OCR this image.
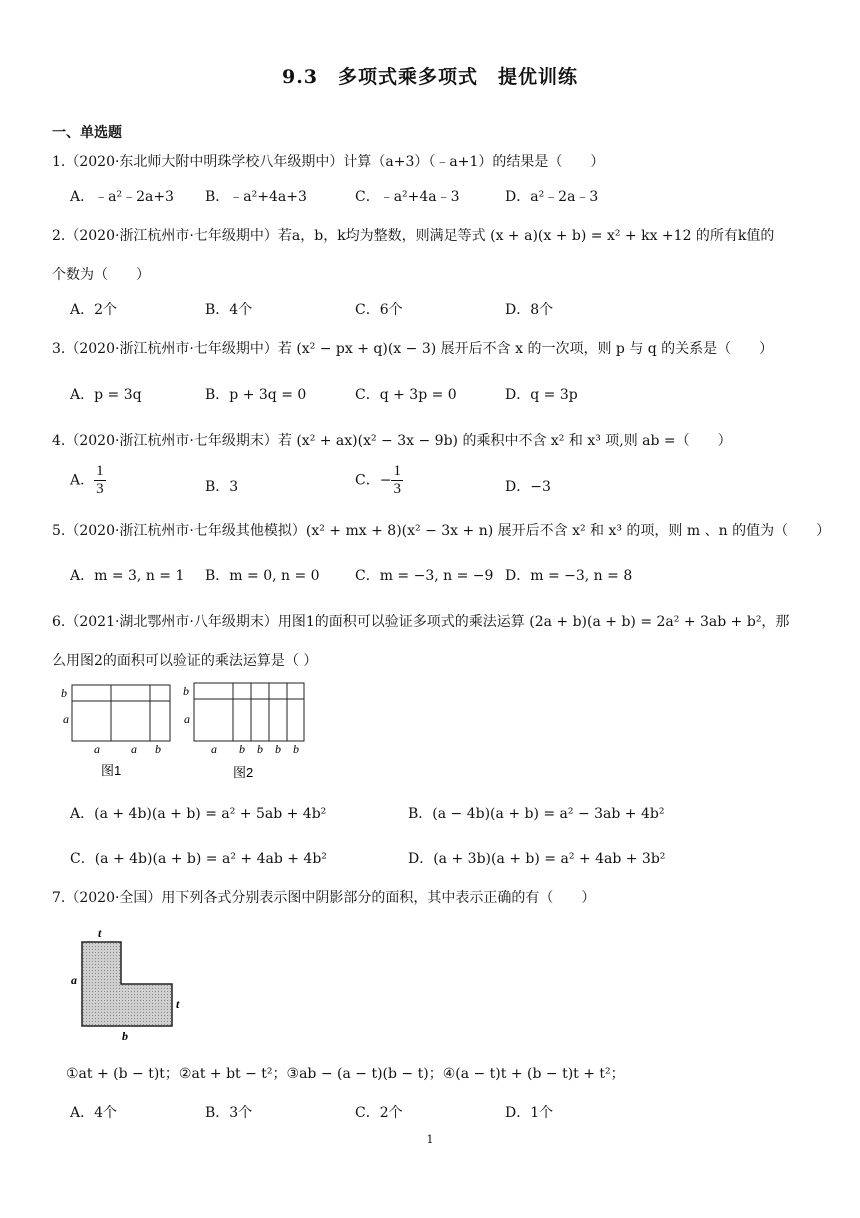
9.3　多项式乘多项式　提优训练
一、单选题
1.（2020·东北师大附中明珠学校八年级期中）计算（a+3）（﹣a+1）的结果是（　　）
A．﹣a²﹣2a+3 B．﹣a²+4a+3	C．﹣a²+4a﹣3	D．a²﹣2a﹣3
2.（2020·浙江杭州市·七年级期中）若a，b，k均为整数，则满足等式 (x + a)(x + b) = x² + kx +12 的所有k值的
个数为（　　）
A．2个	B．4个	C．6个	D．8个
3.（2020·浙江杭州市·七年级期中）若 (x² − px + q)(x − 3) 展开后不含 x 的一次项，则 p 与 q 的关系是（　　）
A．p = 3q	B．p + 3q = 0	C．q + 3p = 0	D．q = 3p
4.（2020·浙江杭州市·七年级期末）若 (x² + ax)(x² − 3x − 9b) 的乘积中不含 x² 和 x³ 项,则 ab =（　　）
A． $\frac{1}{3}$	B．3	C．− $\frac{1}{3}$	D．−3
5.（2020·浙江杭州市·七年级其他模拟）(x² + mx + 8)(x² − 3x + n) 展开后不含 x² 和 x³ 的项，则 m 、n 的值为（　　）
A．m = 3, n = 1 B．m = 0, n = 0	C．m = −3, n = −9 D．m = −3, n = 8
6.（2021·湖北鄂州市·八年级期末）用图1的面积可以验证多项式的乘法运算 (2a + b)(a + b) = 2a² + 3ab + b²，那
么用图2的面积可以验证的乘法运算是（ ）
b
a
a	a b
图1
b
a
a b b b b
图2
A．(a + 4b)(a + b) = a² + 5ab + 4b²	B．(a − 4b)(a + b) = a² − 3ab + 4b²
C．(a + 4b)(a + b) = a² + 4ab + 4b²	D．(a + 3b)(a + b) = a² + 4ab + 3b²
7.（2020·全国）用下列各式分别表示图中阴影部分的面积，其中表示正确的有（　　）
t
a
t
b
①at + (b − t)t；②at + bt − t²；③ab − (a − t)(b − t)；④(a − t)t + (b − t)t + t²；
A．4个	B．3个	C．2个	D．1个
1
